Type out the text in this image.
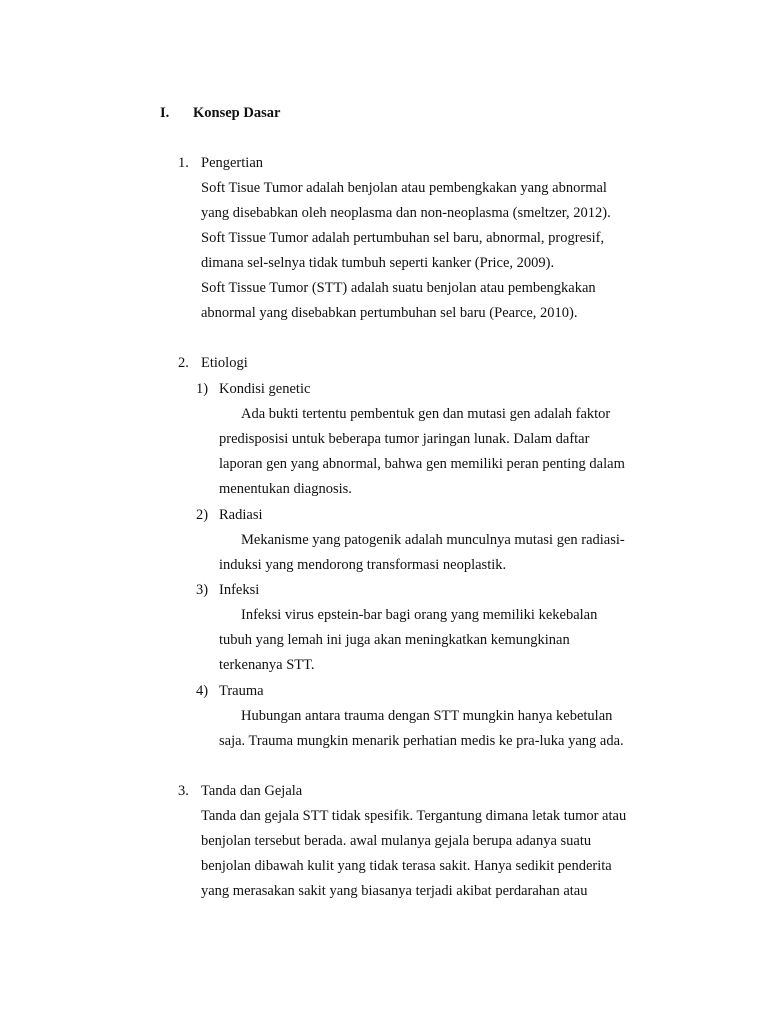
I. Konsep Dasar
1. Pengertian
Soft Tisue Tumor adalah benjolan atau pembengkakan yang abnormal
yang disebabkan oleh neoplasma dan non-neoplasma (smeltzer, 2012).
Soft Tissue Tumor adalah pertumbuhan sel baru, abnormal, progresif,
dimana sel-selnya tidak tumbuh seperti kanker (Price, 2009).
Soft Tissue Tumor (STT) adalah suatu benjolan atau pembengkakan
abnormal yang disebabkan pertumbuhan sel baru (Pearce, 2010).
2. Etiologi
1) Kondisi genetic
Ada bukti tertentu pembentuk gen dan mutasi gen adalah faktor
predisposisi untuk beberapa tumor jaringan lunak. Dalam daftar
laporan gen yang abnormal, bahwa gen memiliki peran penting dalam
menentukan diagnosis.
2) Radiasi
Mekanisme yang patogenik adalah munculnya mutasi gen radiasi-
induksi yang mendorong transformasi neoplastik.
3) Infeksi
Infeksi virus epstein-bar bagi orang yang memiliki kekebalan
tubuh yang lemah ini juga akan meningkatkan kemungkinan
terkenanya STT.
4) Trauma
Hubungan antara trauma dengan STT mungkin hanya kebetulan
saja. Trauma mungkin menarik perhatian medis ke pra-luka yang ada.
3. Tanda dan Gejala
Tanda dan gejala STT tidak spesifik. Tergantung dimana letak tumor atau
benjolan tersebut berada. awal mulanya gejala berupa adanya suatu
benjolan dibawah kulit yang tidak terasa sakit. Hanya sedikit penderita
yang merasakan sakit yang biasanya terjadi akibat perdarahan atau
